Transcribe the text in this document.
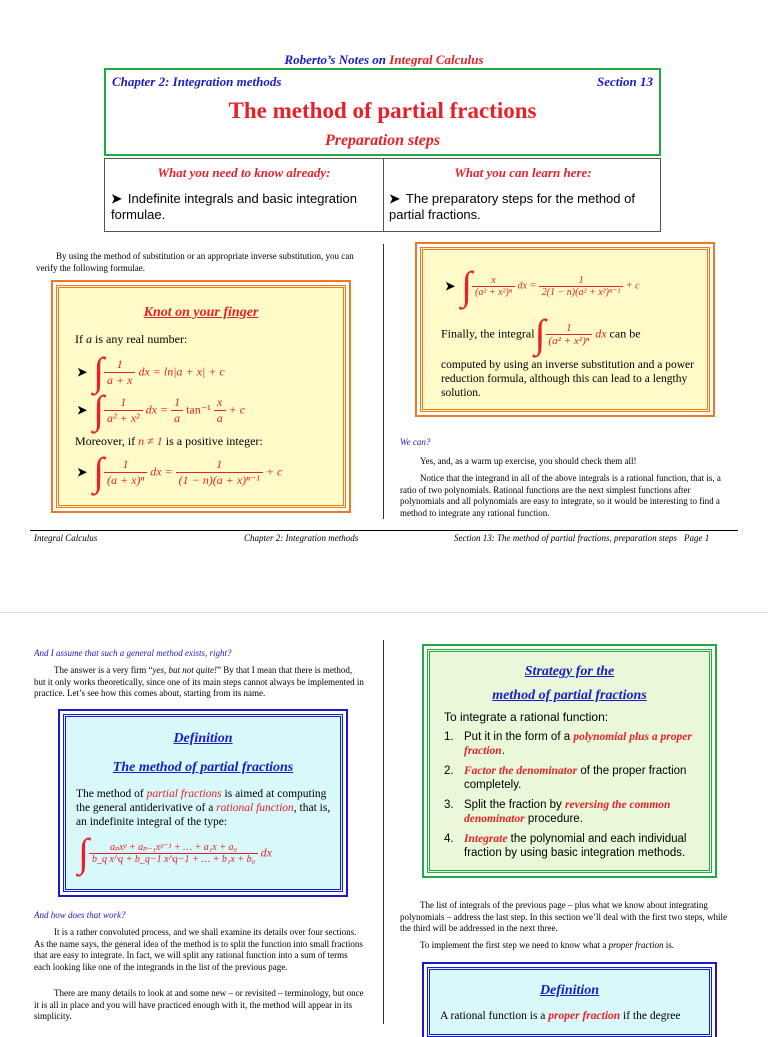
Roberto’s Notes on Integral Calculus
Chapter 2: Integration methods	Section 13
The method of partial fractions
Preparation steps
What you need to know already:	What you can learn here:
➤ Indefinite integrals and basic integration formulae.
➤ The preparatory steps for the method of partial fractions.
By using the method of substitution or an appropriate inverse substitution, you can verify the following formulae.
Knot on your finger
If a is any real number:
➤ ∫ $\frac{1}{a + x}$ dx = ln|a + x| + c
➤ ∫ $\frac{1}{\text{a² + x²}}$ dx = $\frac{1}{a} \tan^{-1} \frac{x}{a} + c$
Moreover, if n ≠ 1 is a positive integer:
➤ ∫ $\frac{1}{\text{(a + x)ⁿ}}$ dx = $\frac{1}{\text{(1 − n)(a + x)ⁿ⁻¹}} + c$
➤ ∫ $\frac{x}{\text{(a² + x²)ⁿ}}$ dx = $\frac{1}{\text{2(1 − n)(a² + x²)ⁿ⁻¹}} + c$
Finally, the integral∫ $\frac{1}{\text{(a² + x²)ⁿ}}$ dx can be
computed by using an inverse substitution and a power reduction formula, although this can lead to a lengthy solution.
We can?
Yes, and, as a warm up exercise, you should check them all!
Notice that the integrand in all of the above integrals is a rational function, that is, a ratio of two polynomials. Rational functions are the next simplest functions after polynomials and all polynomials are easy to integrate, so it would be interesting to find a method to integrate any rational function.
Integral Calculus	Chapter 2: Integration methods	Section 13: The method of partial fractions, preparation steps Page 1
And I assume that such a general method exists, right?
The answer is a very firm “yes, but not quite!” By that I mean that there is method, but it only works theoretically, since one of its main steps cannot always be implemented in practice. Let’s see how this comes about, starting from its name.
Definition
The method of partial fractions
The method of partial fractions is aimed at computing the general antiderivative of a rational function, that is, an indefinite integral of the type:
∫ $\frac{\text{aₚxᵖ + aₚ₋₁xᵖ⁻¹ + … + a₁x + a₀}}{\text{b\_q x\textasciicircum{}q + b\_q−1 x\textasciicircum{}q−1 + … + b₁x + b₀}}$ dx
And how does that work?
It is a rather convoluted process, and we shall examine its details over four sections. As the name says, the general idea of the method is to split the function into small fractions that are easy to integrate. In fact, we will split any rational function into a sum of terms each looking like one of the integrands in the list of the previous page.
There are many details to look at and some new – or revisited – terminology, but once it is all in place and you will have practiced enough with it, the method will appear in its simplicity.
Strategy for the
method of partial fractions
To integrate a rational function:
1. Put it in the form of a polynomial plus a proper fraction.
2. Factor the denominator of the proper fraction completely.
3. Split the fraction by reversing the common denominator procedure.
4. Integrate the polynomial and each individual fraction by using basic integration methods.
The list of integrals of the previous page – plus what we know about integrating polynomials – address the last step. In this section we’ll deal with the first two steps, while the third will be addressed in the next three.
To implement the first step we need to know what a proper fraction is.
Definition
A rational function is a proper fraction if the degree
